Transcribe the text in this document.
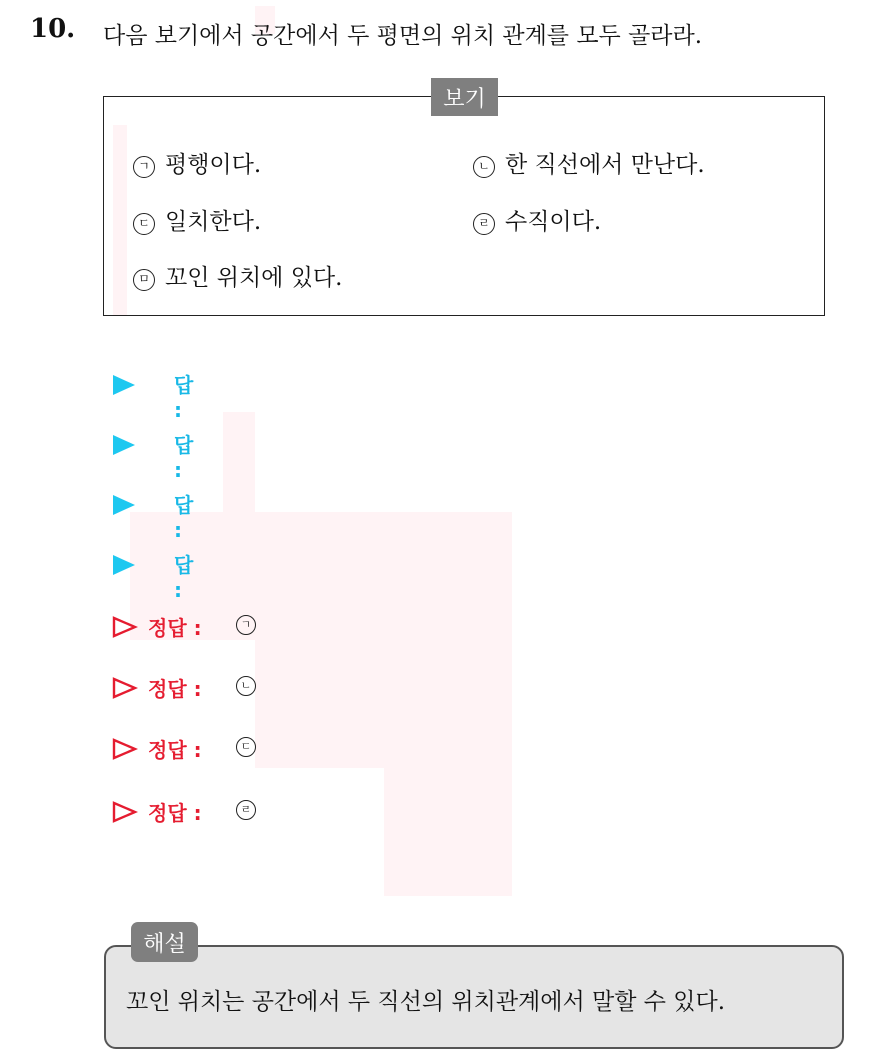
10. 다음 보기에서 공간에서 두 평면의 위치 관계를 모두 골라라.
보기
ㄱ 평행이다.	ㄴ 한 직선에서 만난다.
ㄷ 일치한다.	ㄹ 수직이다.
ㅁ 꼬인 위치에 있다.
답 :
답 :
답 :
답 :
정답 :	ㄱ
정답 :	ㄴ
정답 :	ㄷ
정답 :	ㄹ
해설
꼬인 위치는 공간에서 두 직선의 위치관계에서 말할 수 있다.
